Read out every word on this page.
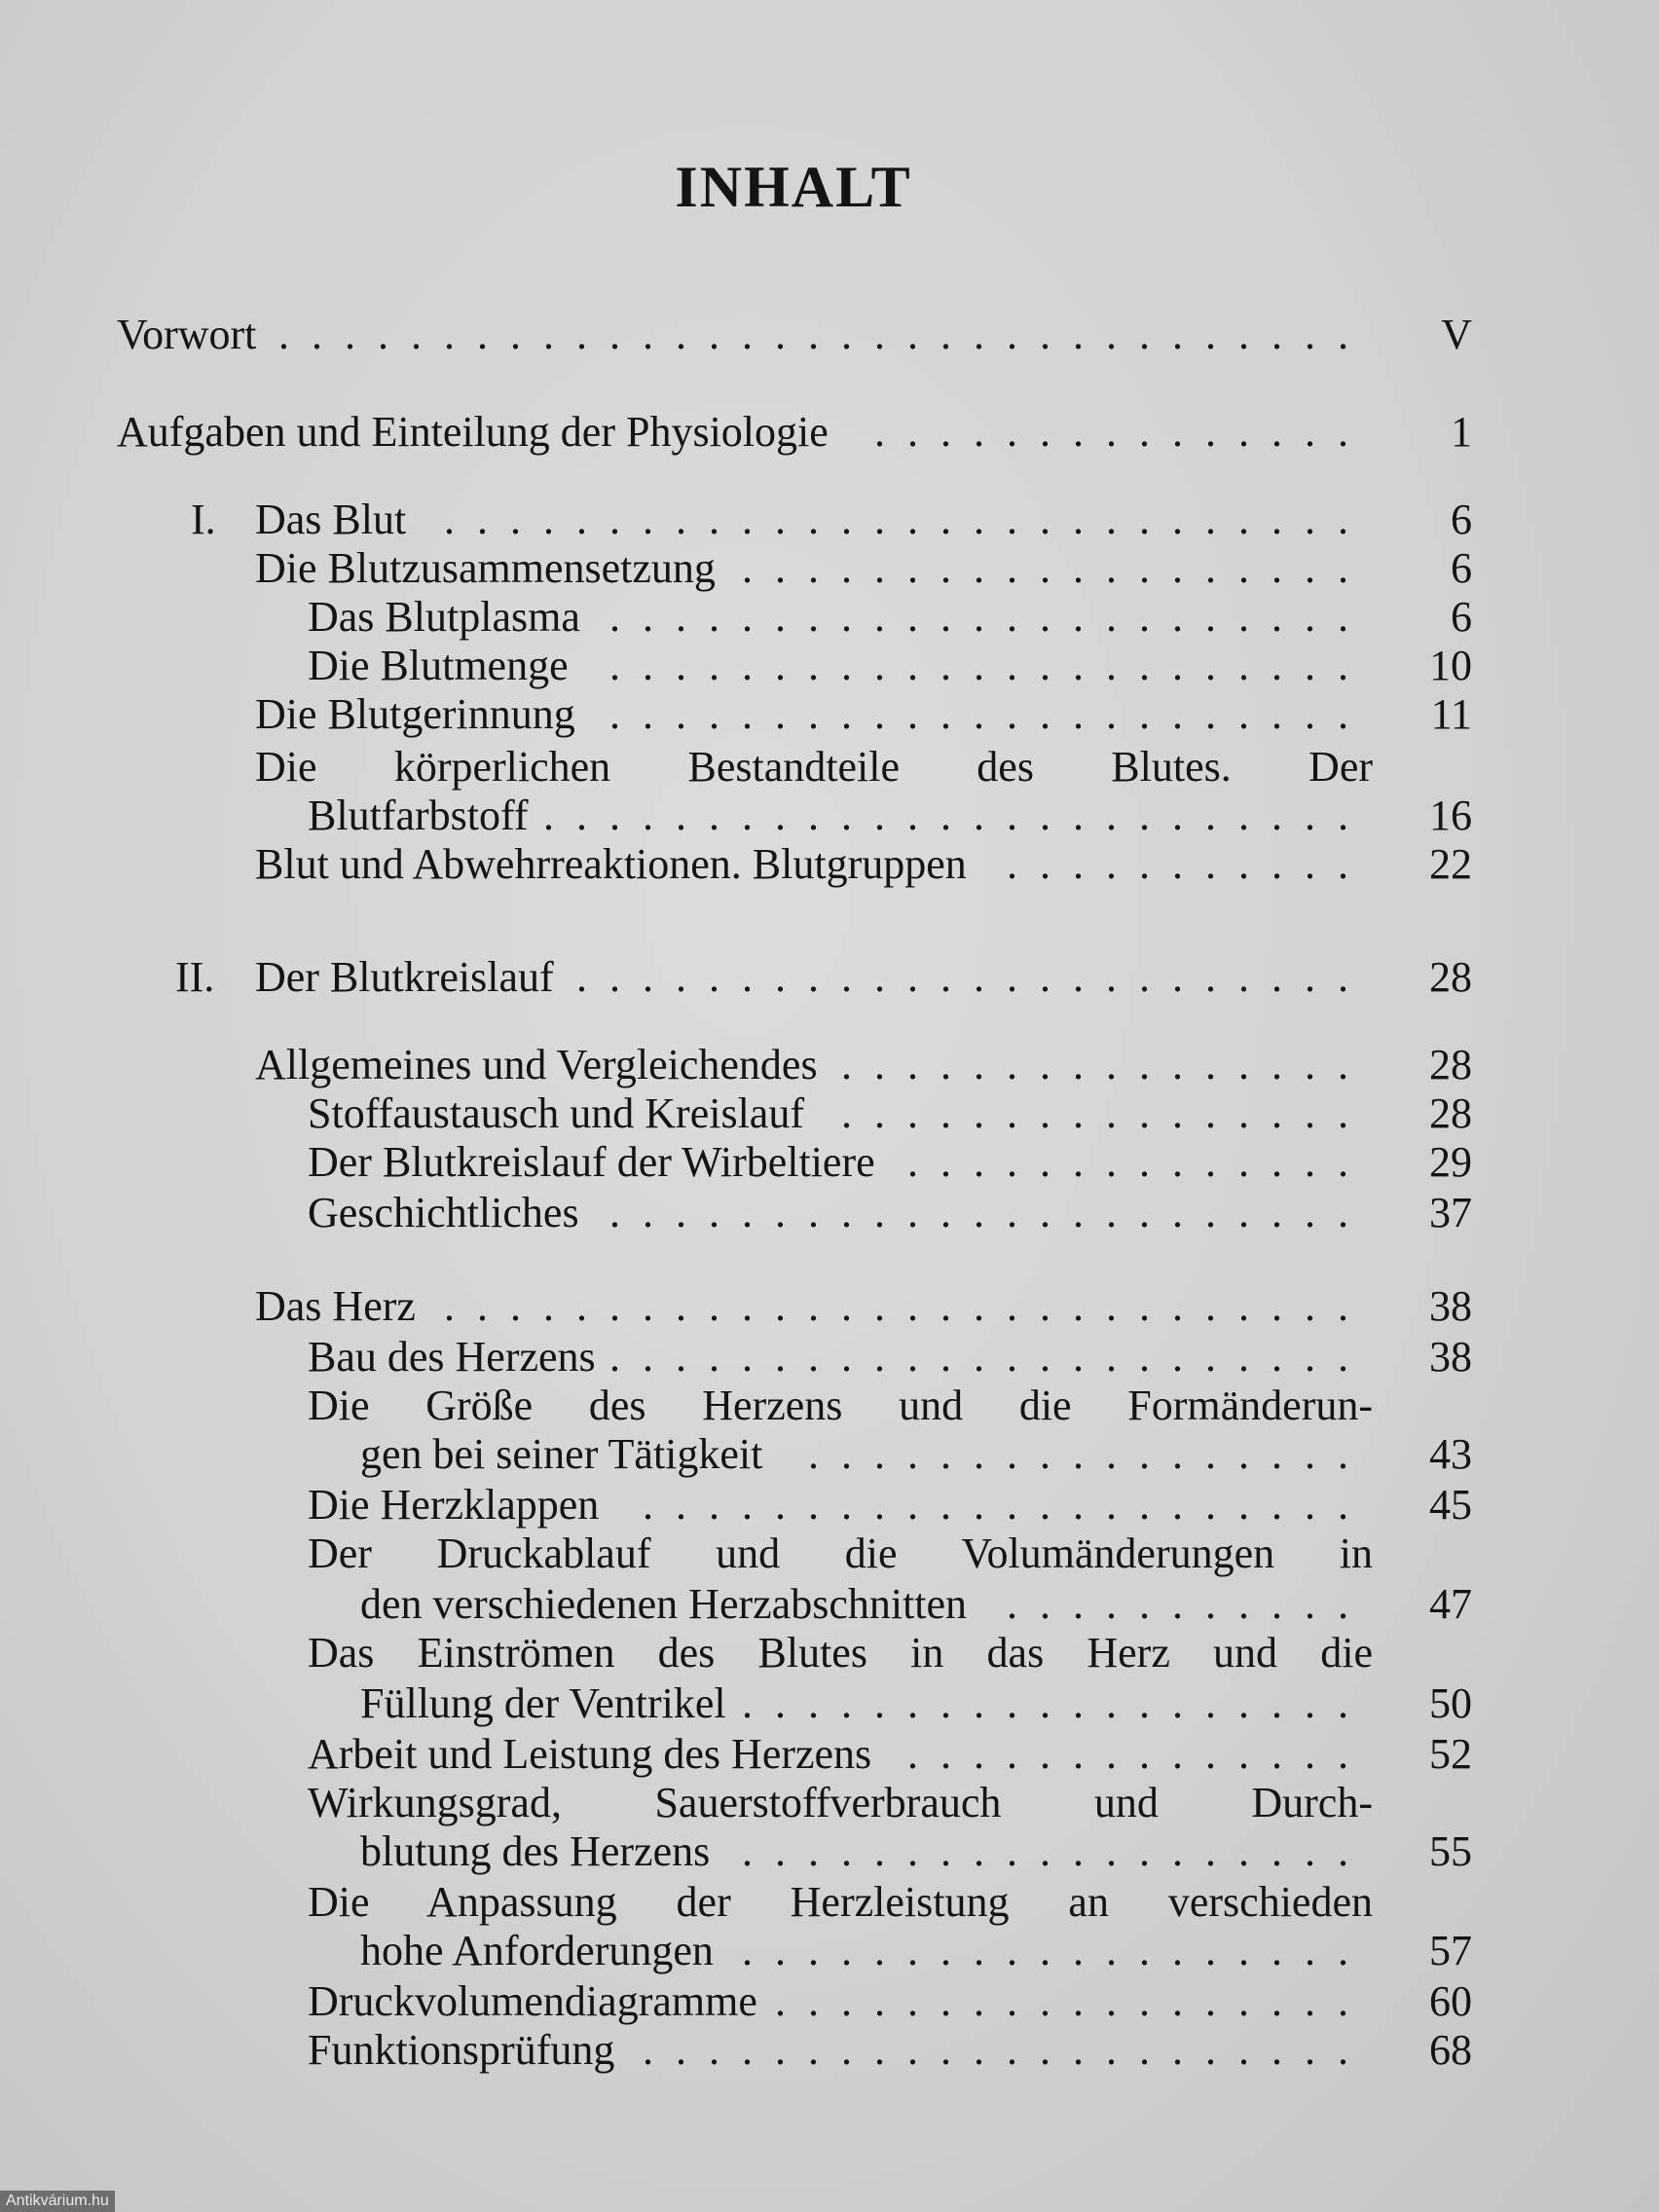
INHALT
Vorwort .................................	V
Aufgaben und Einteilung der Physiologie ...............	1
I. Das Blut ............................	6
Die Blutzusammensetzung ...................	6
Das Blutplasma .......................	6
Die Blutmenge .......................	10
Die Blutgerinnung .......................	11
Die körperlichen Bestandteile des Blutes. Der
Blutfarbstoff .........................	16
Blut und Abwehrreaktionen. Blutgruppen ...........	22
II. Der Blutkreislauf ........................	28
Allgemeines und Vergleichendes ................	28
Stoffaustausch und Kreislauf ................	28
Der Blutkreislauf der Wirbeltiere ..............	29
Geschichtliches .......................	37
Das Herz ............................	38
Bau des Herzens .......................	38
Die Größe des Herzens und die Formänderun-
gen bei seiner Tätigkeit .................	43
Die Herzklappen ......................	45
Der Druckablauf und die Volumänderungen in
den verschiedenen Herzabschnitten ...........	47
Das Einströmen des Blutes in das Herz und die
Füllung der Ventrikel ...................	50
Arbeit und Leistung des Herzens ..............	52
Wirkungsgrad, Sauerstoffverbrauch und Durch-
blutung des Herzens ...................	55
Die Anpassung der Herzleistung an verschieden
hohe Anforderungen ...................	57
Druckvolumendiagramme ..................	60
Funktionsprüfung ......................	68
Antikvárium.hu
